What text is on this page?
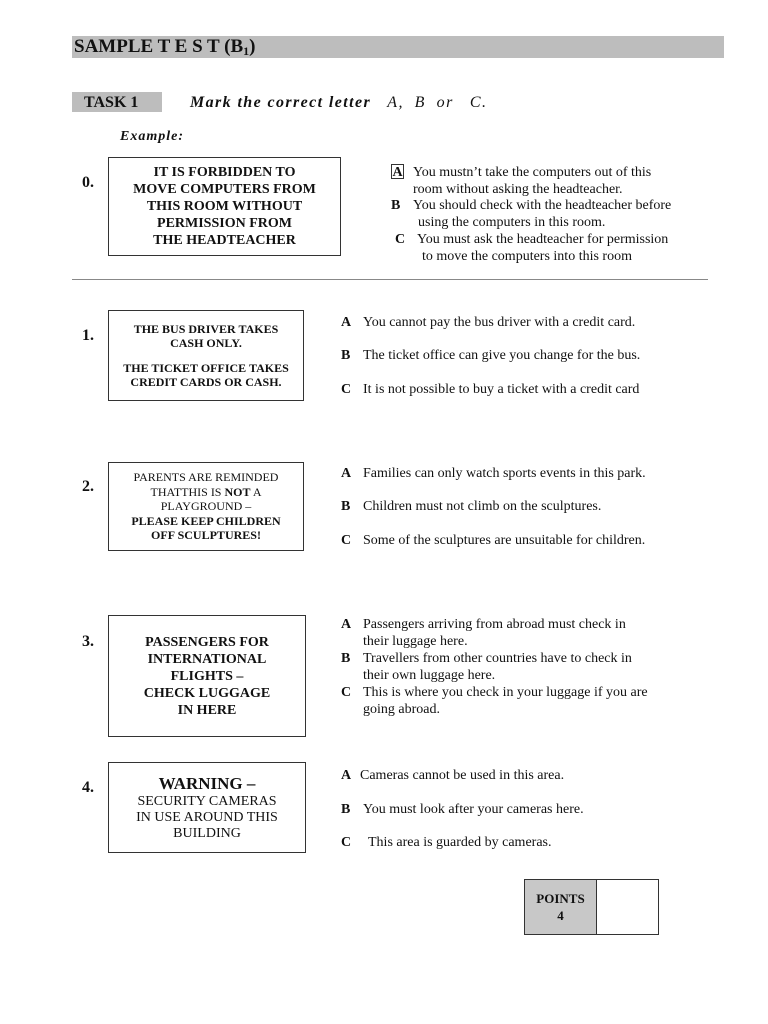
SAMPLE T E S T $(B_1)$
TASK 1	Mark the correct letter A, B or C.
Example:
0.
IT IS FORBIDDEN TO
MOVE COMPUTERS FROM
THIS ROOM WITHOUT
PERMISSION FROM
THE HEADTEACHER
A You mustn’t take the computers out of this
room without asking the headteacher.
B You should check with the headteacher before
using the computers in this room.
C You must ask the headteacher for permission
to move the computers into this room
1.	THE BUS DRIVER TAKES
CASH ONLY.
THE TICKET OFFICE TAKES
CREDIT CARDS OR CASH.
A You cannot pay the bus driver with a credit card.
B The ticket office can give you change for the bus.
C It is not possible to buy a ticket with a credit card
2.
PARENTS ARE REMINDED
THATTHIS IS NOT A
PLAYGROUND –
PLEASE KEEP CHILDREN
OFF SCULPTURES!
A Families can only watch sports events in this park.
B Children must not climb on the sculptures.
C Some of the sculptures are unsuitable for children.
3.	PASSENGERS FOR
INTERNATIONAL
FLIGHTS –
CHECK LUGGAGE
IN HERE
A Passengers arriving from abroad must check in
their luggage here.
B Travellers from other countries have to check in
their own luggage here.
C This is where you check in your luggage if you are
going abroad.
4.	WARNING –
SECURITY CAMERAS
IN USE AROUND THIS
BUILDING
A Cameras cannot be used in this area.
B You must look after your cameras here.
C This area is guarded by cameras.
POINTS
4
